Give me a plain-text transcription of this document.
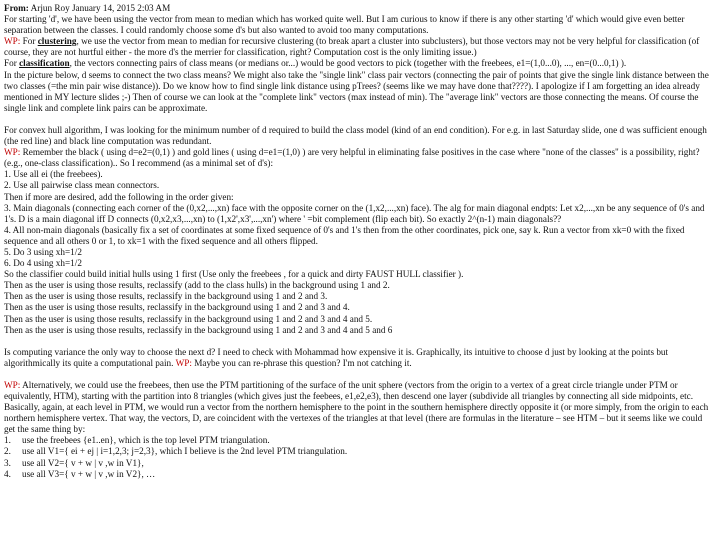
From: Arjun Roy January 14, 2015 2:03 AM

For starting 'd', we have been using the vector from mean to median which has worked quite well. But I am curious to know if there is any other starting 'd' which would give even better separation between the classes. I could randomly choose some d's but also wanted to avoid too many computations.

WP: For clustering, we use the vector from mean to median for recursive clustering (to break apart a cluster into subclusters), but those vectors may not be very helpful for classification (of course, they are not hurtful either - the more d's the merrier for classification, right? Computation cost is the only limiting issue.)

For classification, the vectors connecting pairs of class means (or medians or...) would be good vectors to pick (together with the freebees, e1=(1,0...0), ..., en=(0...0,1) ).

In the picture below, d seems to connect the two class means? We might also take the "single link" class pair vectors (connecting the pair of points that give the single link distance between the two classes (=the min pair wise distance)). Do we know how to find single link distance using pTrees? (seems like we may have done that????). I apologize if I am forgetting an idea already mentioned in MY lecture slides ;-) Then of course we can look at the "complete link" vectors (max instead of min). The "average link" vectors are those connecting the means. Of course the single link and complete link pairs can be approximate.

For convex hull algorithm, I was looking for the minimum number of d required to build the class model (kind of an end condition). For e.g. in last Saturday slide, one d was sufficient enough (the red line) and black line computation was redundant.

WP: Remember the black ( using d=e2=(0,1) ) and gold lines ( using d=e1=(1,0) ) are very helpful in eliminating false positives in the case where "none of the classes" is a possibility, right? (e.g., one-class classification).. So I recommend (as a minimal set of d's):

1. Use all ei (the freebees).

2. Use all pairwise class mean connectors.

Then if more are desired, add the following in the order given:

3. Main diagonals (connecting each corner of the (0,x2,...,xn) face with the opposite corner on the (1,x2,...,xn) face). The alg for main diagonal endpts: Let x2,...,xn be any sequence of 0's and 1's. D is a main diagonal iff D connects (0,x2,x3,...,xn) to (1,x2',x3',...,xn') where ' =bit complement (flip each bit). So exactly 2^(n-1) main diagonals??

4. All non-main diagonals (basically fix a set of coordinates at some fixed sequence of 0's and 1's then from the other coordinates, pick one, say k. Run a vector from xk=0 with the fixed sequence and all others 0 or 1, to xk=1 with the fixed sequence and all others flipped.

5. Do 3 using xh=1/2

6. Do 4 using xh=1/2

So the classifier could build initial hulls using 1 first (Use only the freebees , for a quick and dirty FAUST HULL classifier ).

Then as the user is using those results, reclassify (add to the class hulls) in the background using 1 and 2.

Then as the user is using those results, reclassify in the background using 1 and 2 and 3.

Then as the user is using those results, reclassify in the background using 1 and 2 and 3 and 4.

Then as the user is using those results, reclassify in the background using 1 and 2 and 3 and 4 and 5.

Then as the user is using those results, reclassify in the background using 1 and 2 and 3 and 4 and 5 and 6

Is computing variance the only way to choose the next d? I need to check with Mohammad how expensive it is. Graphically, its intuitive to choose d just by looking at the points but algorithmically its quite a computational pain. WP: Maybe you can re-phrase this question? I'm not catching it.

WP: Alternatively, we could use the freebees, then use the PTM partitioning of the surface of the unit sphere (vectors from the origin to a vertex of a great circle triangle under PTM or equivalently, HTM), starting with the partition into 8 triangles (which gives just the feebees, e1,e2,e3), then descend one layer (subdivide all triangles by connecting all side midpoints, etc. Basically, again, at each level in PTM, we would run a vector from the northern hemisphere to the point in the southern hemisphere directly opposite it (or more simply, from the origin to each northern hemisphere vertex. That way, the vectors, D, are coincident with the vertexes of the triangles at that level (there are formulas in the literature – see HTM – but it seems like we could get the same thing by:

1.	use the freebees {e1..en}, which is the top level PTM triangulation.
2.	use all V1={ ei + ej | i=1,2,3; j=2,3}, which I believe is the 2nd level PTM triangulation.
3.	use all V2={ v + w | v ,w in V1},
4.	use all V3={ v + w | v ,w in V2}, …
